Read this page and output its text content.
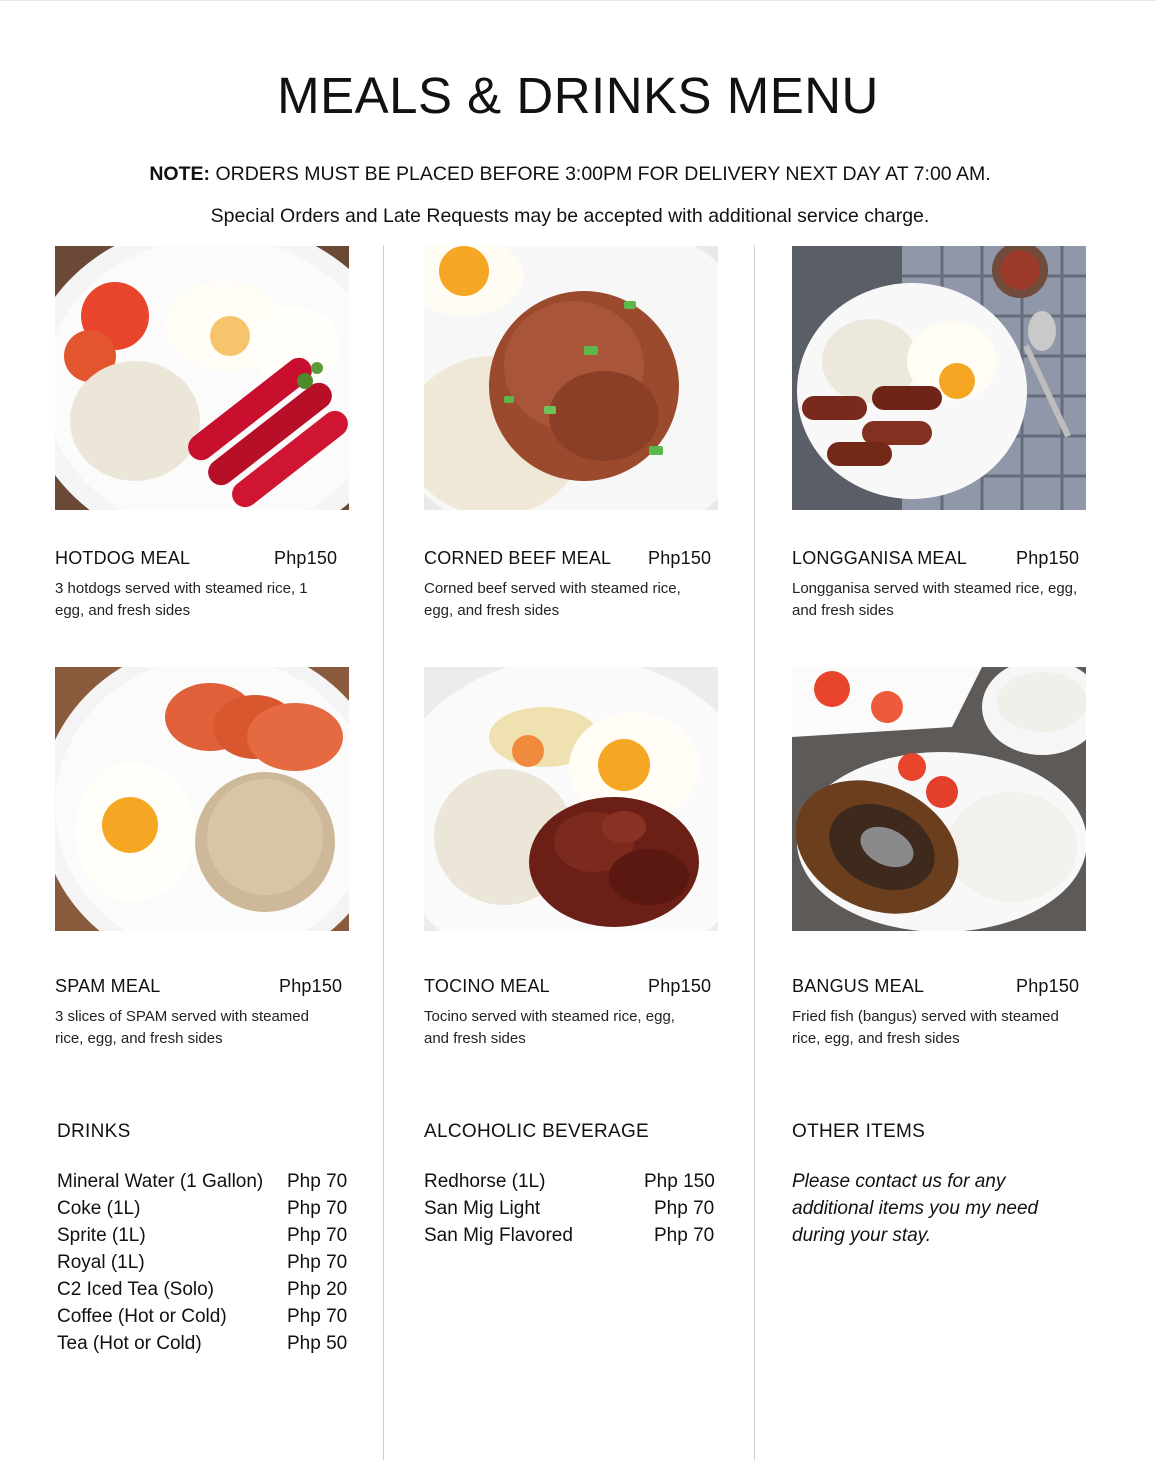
MEALS & DRINKS MENU
NOTE: ORDERS MUST BE PLACED BEFORE 3:00PM FOR DELIVERY NEXT DAY AT 7:00 AM.
Special Orders and Late Requests may be accepted with additional service charge.
HOTDOG MEAL	Php150
3 hotdogs served with steamed rice, 1 egg, and fresh sides
CORNED BEEF MEAL Php150
Corned beef served with steamed rice, egg, and fresh sides
LONGGANISA MEAL	Php150
Longganisa served with steamed rice, egg, and fresh sides
SPAM MEAL	Php150
3 slices of SPAM served with steamed rice, egg, and fresh sides
TOCINO MEAL	Php150
Tocino served with steamed rice, egg, and fresh sides
BANGUS MEAL	Php150
Fried fish (bangus) served with steamed rice, egg, and fresh sides
DRINKS
Mineral Water (1 Gallon) Php 70
Coke (1L)	Php 70
Sprite (1L)	Php 70
Royal (1L)	Php 70
C2 Iced Tea (Solo)	Php 20
Coffee (Hot or Cold)	Php 70
Tea (Hot or Cold)	Php 50
ALCOHOLIC BEVERAGE
Redhorse (1L)	Php 150
San Mig Light	Php 70
San Mig Flavored	Php 70
OTHER ITEMS
Please contact us for any additional items you my need during your stay.
